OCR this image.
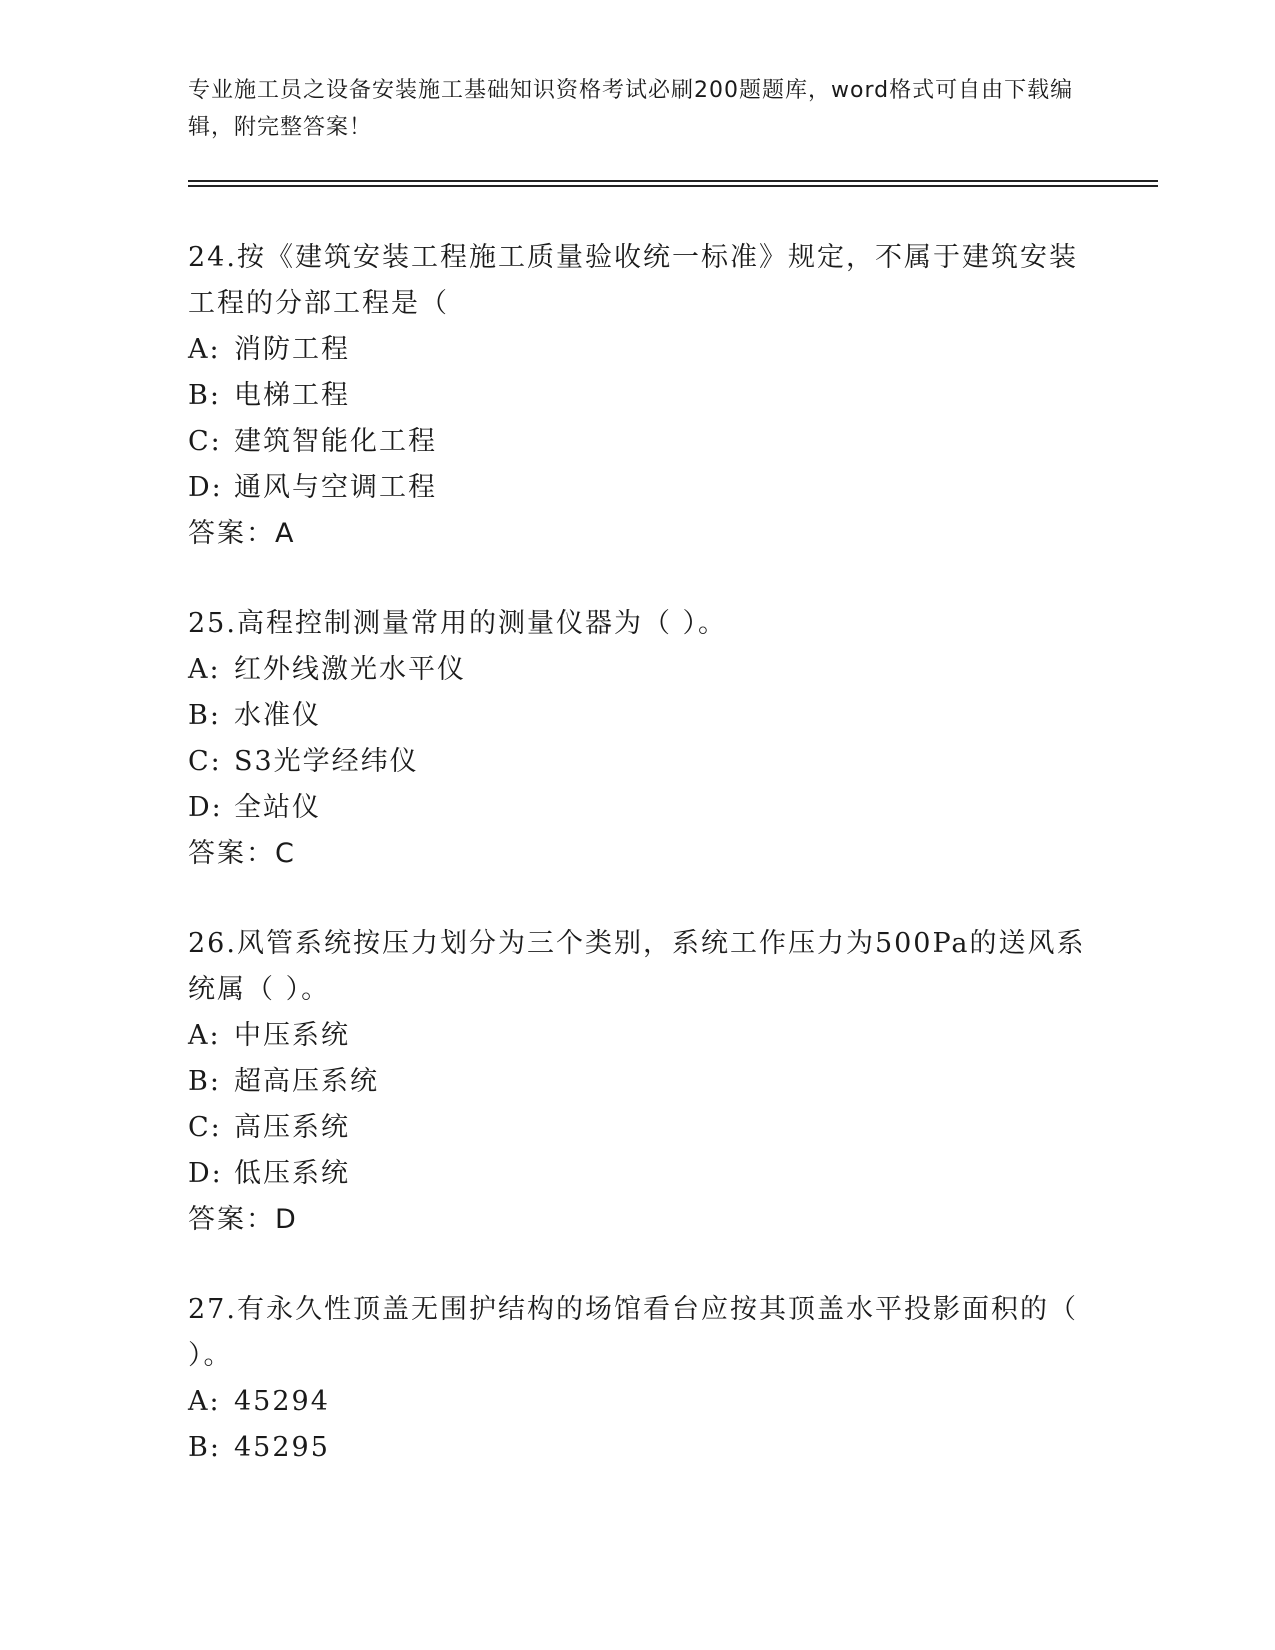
专业施工员之设备安装施工基础知识资格考试必刷200题题库，word格式可自由下载编辑，附完整答案！
24.按《建筑安装工程施工质量验收统一标准》规定，不属于建筑安装工程的分部工程是（
A: 消防工程
B: 电梯工程
C: 建筑智能化工程
D: 通风与空调工程
答案：A
25.高程控制测量常用的测量仪器为（ ）。
A: 红外线激光水平仪
B: 水准仪
C: S3光学经纬仪
D: 全站仪
答案：C
26.风管系统按压力划分为三个类别，系统工作压力为500Pa的送风系统属（ ）。
A: 中压系统
B: 超高压系统
C: 高压系统
D: 低压系统
答案：D
27.有永久性顶盖无围护结构的场馆看台应按其顶盖水平投影面积的（ ）。
A: 45294
B: 45295
